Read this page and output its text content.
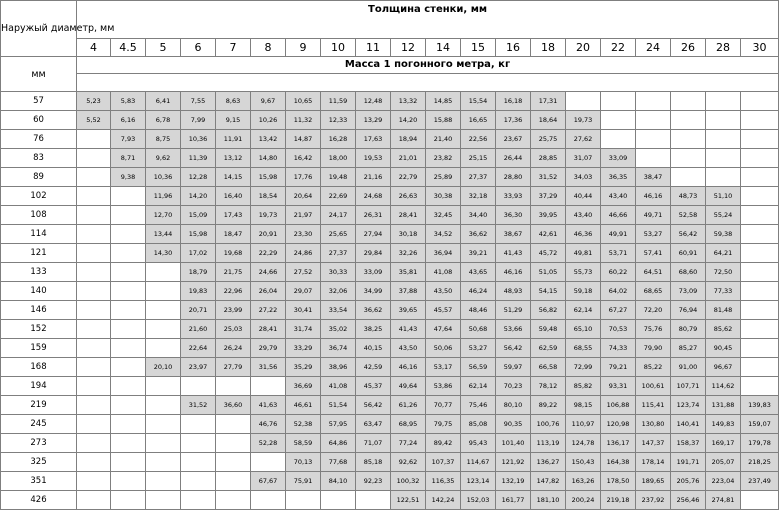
Наружый диаметр, мм	Толщина стенки, мм																			
	4	4.5	5	6	7	8	9	10	11	12	14	15	16	18	20	22	24	26	28	30
мм	Масса 1 погонного метра, кг																			

57	5,23	5,83	6,41	7,55	8,63	9,67	10,65	11,59	12,48	13,32	14,85	15,54	16,18	17,31						
60	5,52	6,16	6,78	7,99	9,15	10,26	11,32	12,33	13,29	14,20	15,88	16,65	17,36	18,64	19,73					
76		7,93	8,75	10,36	11,91	13,42	14,87	16,28	17,63	18,94	21,40	22,56	23,67	25,75	27,62					
83		8,71	9,62	11,39	13,12	14,80	16,42	18,00	19,53	21,01	23,82	25,15	26,44	28,85	31,07	33,09				
89		9,38	10,36	12,28	14,15	15,98	17,76	19,48	21,16	22,79	25,89	27,37	28,80	31,52	34,03	36,35	38,47			
102			11,96	14,20	16,40	18,54	20,64	22,69	24,68	26,63	30,38	32,18	33,93	37,29	40,44	43,40	46,16	48,73	51,10	
108			12,70	15,09	17,43	19,73	21,97	24,17	26,31	28,41	32,45	34,40	36,30	39,95	43,40	46,66	49,71	52,58	55,24	
114			13,44	15,98	18,47	20,91	23,30	25,65	27,94	30,18	34,52	36,62	38,67	42,61	46,36	49,91	53,27	56,42	59,38	
121			14,30	17,02	19,68	22,29	24,86	27,37	29,84	32,26	36,94	39,21	41,43	45,72	49,81	53,71	57,41	60,91	64,21	
133				18,79	21,75	24,66	27,52	30,33	33,09	35,81	41,08	43,65	46,16	51,05	55,73	60,22	64,51	68,60	72,50	
140				19,83	22,96	26,04	29,07	32,06	34,99	37,88	43,50	46,24	48,93	54,15	59,18	64,02	68,65	73,09	77,33	
146				20,71	23,99	27,22	30,41	33,54	36,62	39,65	45,57	48,46	51,29	56,82	62,14	67,27	72,20	76,94	81,48	
152				21,60	25,03	28,41	31,74	35,02	38,25	41,43	47,64	50,68	53,66	59,48	65,10	70,53	75,76	80,79	85,62	
159				22,64	26,24	29,79	33,29	36,74	40,15	43,50	50,06	53,27	56,42	62,59	68,55	74,33	79,90	85,27	90,45	
168			20,10	23,97	27,79	31,56	35,29	38,96	42,59	46,16	53,17	56,59	59,97	66,58	72,99	79,21	85,22	91,00	96,67	
194							36,69	41,08	45,37	49,64	53,86	62,14	70,23	78,12	85,82	93,31	100,61	107,71	114,62	
219				31,52	36,60	41,63	46,61	51,54	56,42	61,26	70,77	75,46	80,10	89,22	98,15	106,88	115,41	123,74	131,88	139,83
245						46,76	52,38	57,95	63,47	68,95	79,75	85,08	90,35	100,76	110,97	120,98	130,80	140,41	149,83	159,07
273						52,28	58,59	64,86	71,07	77,24	89,42	95,43	101,40	113,19	124,78	136,17	147,37	158,37	169,17	179,78
325							70,13	77,68	85,18	92,62	107,37	114,67	121,92	136,27	150,43	164,38	178,14	191,71	205,07	218,25
351						67,67	75,91	84,10	92,23	100,32	116,35	123,14	132,19	147,82	163,26	178,50	189,65	205,76	223,04	237,49
426										122,51	142,24	152,03	161,77	181,10	200,24	219,18	237,92	256,46	274,81	
